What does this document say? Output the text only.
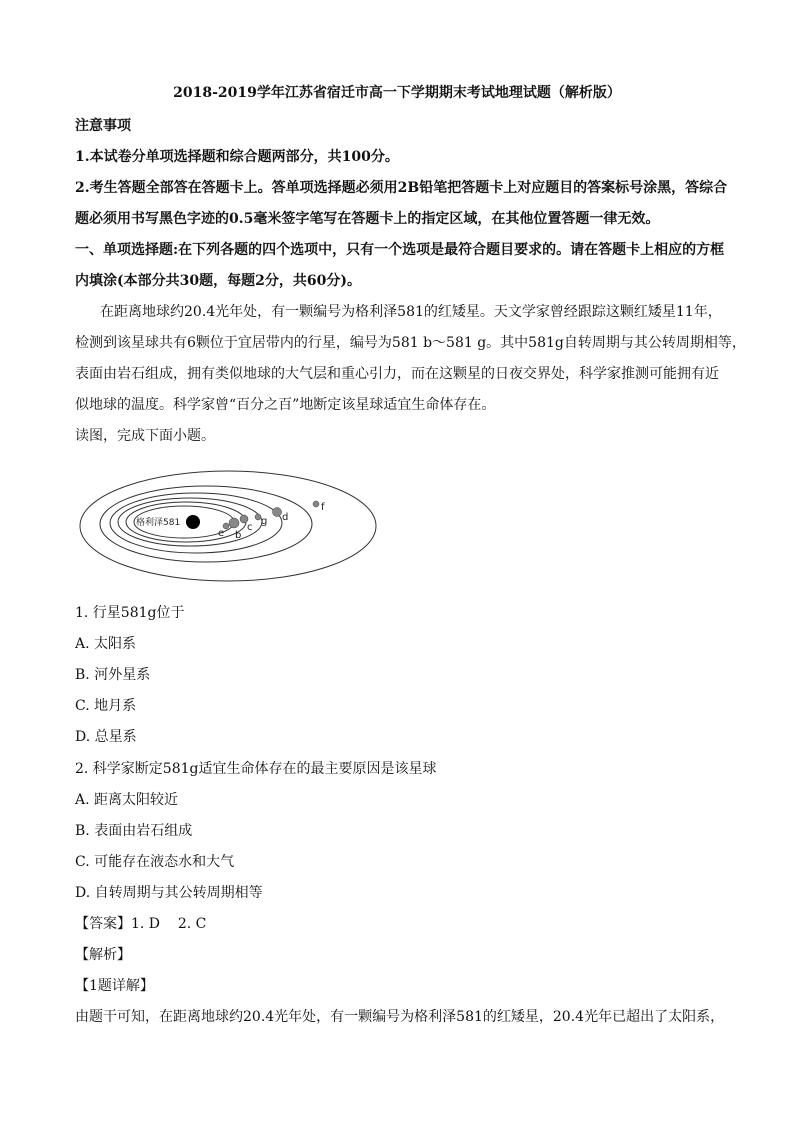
2018-2019学年江苏省宿迁市高一下学期期末考试地理试题（解析版）
注意事项
1.本试卷分单项选择题和综合题两部分，共100分。
2.考生答题全部答在答题卡上。答单项选择题必须用2B铅笔把答题卡上对应题目的答案标号涂黑，答综合
题必须用书写黑色字迹的0.5毫米签字笔写在答题卡上的指定区域，在其他位置答题一律无效。
一、单项选择题:在下列各题的四个选项中，只有一个选项是最符合题目要求的。请在答题卡上相应的方框
内填涂(本部分共30题，每题2分，共60分)。
在距离地球约20.4光年处，有一颗编号为格利泽581的红矮星。天文学家曾经跟踪这颗红矮星11年，
检测到该星球共有6颗位于宜居带内的行星，编号为581 b～581 g。其中581g自转周期与其公转周期相等，
表面由岩石组成，拥有类似地球的大气层和重心引力，而在这颗星的日夜交界处，科学家推测可能拥有近
似地球的温度。科学家曾“百分之百”地断定该星球适宜生命体存在。
读图，完成下面小题。
格利泽581
e b
c
g d
f
1. 行星581g位于
A. 太阳系
B. 河外星系
C. 地月系
D. 总星系
2. 科学家断定581g适宜生命体存在的最主要原因是该星球
A. 距离太阳较近
B. 表面由岩石组成
C. 可能存在液态水和大气
D. 自转周期与其公转周期相等
【答案】1. D    2. C
【解析】
【1题详解】
由题干可知，在距离地球约20.4光年处，有一颗编号为格利泽581的红矮星，20.4光年已超出了太阳系，
